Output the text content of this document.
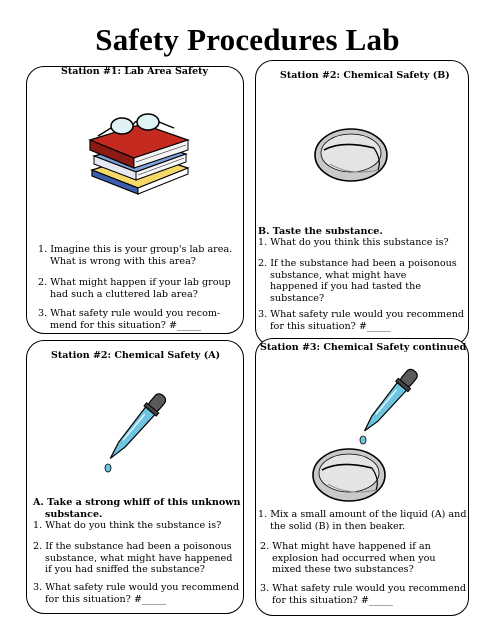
Safety Procedures Lab
Station #1: Lab Area Safety
1. Imagine this is your group's lab area.
What is wrong with this area?
2. What might happen if your lab group
had such a cluttered lab area?
3. What safety rule would you recom-
mend for this situation? #_____
Station #2: Chemical Safety (B)
B. Taste the substance.
1. What do you think this substance is?
2. If the substance had been a poisonous
substance, what might have
happened if you had tasted the
substance?
3. What safety rule would you recommend
for this situation? #_____
Station #2: Chemical Safety (A)
A. Take a strong whiff of this unknown
substance.
1. What do you think the substance is?
2. If the substance had been a poisonous
substance, what might have happened
if you had sniffed the substance?
3. What safety rule would you recommend
for this situation? #_____
Station #3: Chemical Safety continued
1. Mix a small amount of the liquid (A) and
the solid (B) in then beaker.
2. What might have happened if an
explosion had occurred when you
mixed these two substances?
3. What safety rule would you recommend
for this situation? #_____
